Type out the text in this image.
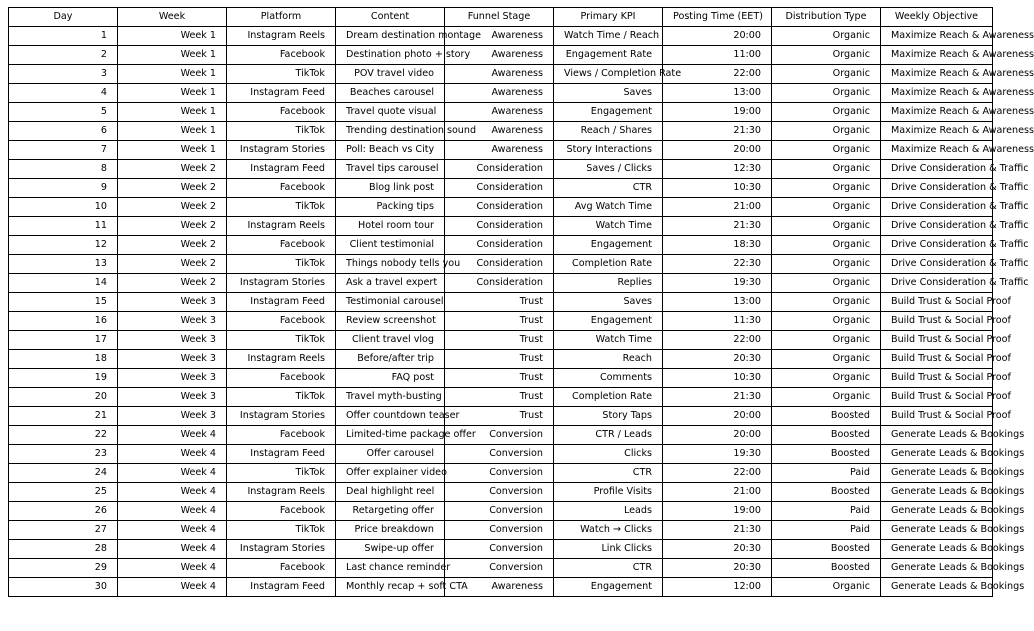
Day	Week	Platform	Content	Funnel Stage	Primary KPI	Posting Time (EET)	Distribution Type	Weekly Objective
1	Week 1	Instagram Reels	Dream destination montage	Awareness	Watch Time / Reach	20:00	Organic	Maximize Reach & Awareness
2	Week 1	Facebook	Destination photo + story	Awareness	Engagement Rate	11:00	Organic	Maximize Reach & Awareness
3	Week 1	TikTok	POV travel video	Awareness	Views / Completion Rate	22:00	Organic	Maximize Reach & Awareness
4	Week 1	Instagram Feed	Beaches carousel	Awareness	Saves	13:00	Organic	Maximize Reach & Awareness
5	Week 1	Facebook	Travel quote visual	Awareness	Engagement	19:00	Organic	Maximize Reach & Awareness
6	Week 1	TikTok	Trending destination sound	Awareness	Reach / Shares	21:30	Organic	Maximize Reach & Awareness
7	Week 1	Instagram Stories	Poll: Beach vs City	Awareness	Story Interactions	20:00	Organic	Maximize Reach & Awareness
8	Week 2	Instagram Feed	Travel tips carousel	Consideration	Saves / Clicks	12:30	Organic	Drive Consideration & Traffic
9	Week 2	Facebook	Blog link post	Consideration	CTR	10:30	Organic	Drive Consideration & Traffic
10	Week 2	TikTok	Packing tips	Consideration	Avg Watch Time	21:00	Organic	Drive Consideration & Traffic
11	Week 2	Instagram Reels	Hotel room tour	Consideration	Watch Time	21:30	Organic	Drive Consideration & Traffic
12	Week 2	Facebook	Client testimonial	Consideration	Engagement	18:30	Organic	Drive Consideration & Traffic
13	Week 2	TikTok	Things nobody tells you	Consideration	Completion Rate	22:30	Organic	Drive Consideration & Traffic
14	Week 2	Instagram Stories	Ask a travel expert	Consideration	Replies	19:30	Organic	Drive Consideration & Traffic
15	Week 3	Instagram Feed	Testimonial carousel	Trust	Saves	13:00	Organic	Build Trust & Social Proof
16	Week 3	Facebook	Review screenshot	Trust	Engagement	11:30	Organic	Build Trust & Social Proof
17	Week 3	TikTok	Client travel vlog	Trust	Watch Time	22:00	Organic	Build Trust & Social Proof
18	Week 3	Instagram Reels	Before/after trip	Trust	Reach	20:30	Organic	Build Trust & Social Proof
19	Week 3	Facebook	FAQ post	Trust	Comments	10:30	Organic	Build Trust & Social Proof
20	Week 3	TikTok	Travel myth-busting	Trust	Completion Rate	21:30	Organic	Build Trust & Social Proof
21	Week 3	Instagram Stories	Offer countdown teaser	Trust	Story Taps	20:00	Boosted	Build Trust & Social Proof
22	Week 4	Facebook	Limited-time package offer	Conversion	CTR / Leads	20:00	Boosted	Generate Leads & Bookings
23	Week 4	Instagram Feed	Offer carousel	Conversion	Clicks	19:30	Boosted	Generate Leads & Bookings
24	Week 4	TikTok	Offer explainer video	Conversion	CTR	22:00	Paid	Generate Leads & Bookings
25	Week 4	Instagram Reels	Deal highlight reel	Conversion	Profile Visits	21:00	Boosted	Generate Leads & Bookings
26	Week 4	Facebook	Retargeting offer	Conversion	Leads	19:00	Paid	Generate Leads & Bookings
27	Week 4	TikTok	Price breakdown	Conversion	Watch → Clicks	21:30	Paid	Generate Leads & Bookings
28	Week 4	Instagram Stories	Swipe-up offer	Conversion	Link Clicks	20:30	Boosted	Generate Leads & Bookings
29	Week 4	Facebook	Last chance reminder	Conversion	CTR	20:30	Boosted	Generate Leads & Bookings
30	Week 4	Instagram Feed	Monthly recap + soft CTA	Awareness	Engagement	12:00	Organic	Generate Leads & Bookings
